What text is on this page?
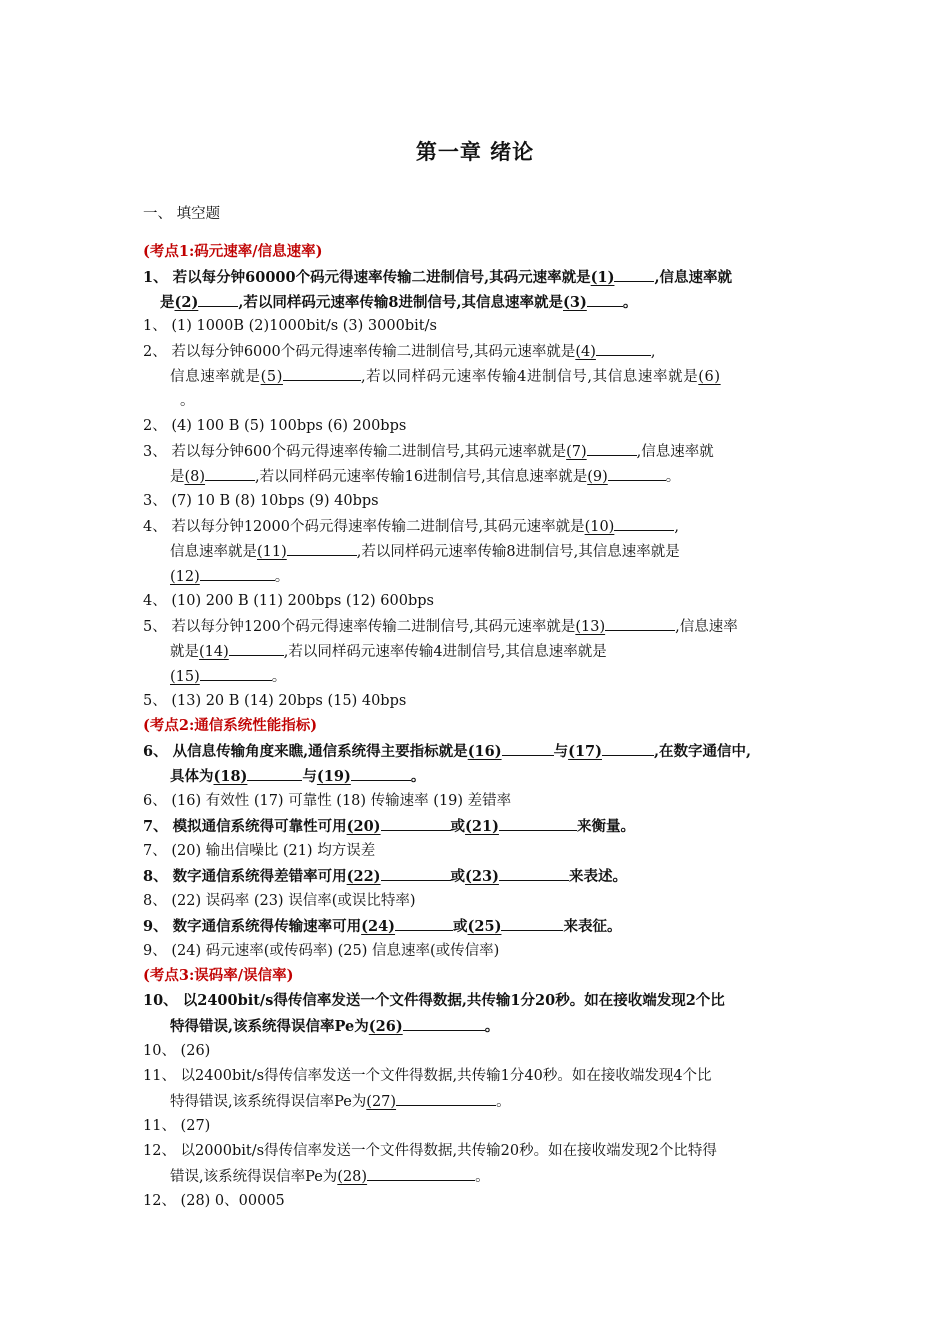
第一章 绪论
一、 填空题
(考点1:码元速率/信息速率)
1、 若以每分钟60000个码元得速率传输二进制信号,其码元速率就是(1)	,信息速率就
是(2)	,若以同样码元速率传输8进制信号,其信息速率就是(3) 。
1、 (1) 1000B (2)1000bit/s (3) 3000bit/s
2、 若以每分钟6000个码元得速率传输二进制信号,其码元速率就是(4)	,
信息速率就是(5)	,若以同样码元速率传输4进制信号,其信息速率就是(6)
。
2、 (4) 100 B (5) 100bps (6) 200bps
3、 若以每分钟600个码元得速率传输二进制信号,其码元速率就是(7)	,信息速率就
是(8)	,若以同样码元速率传输16进制信号,其信息速率就是(9)	。
3、 (7) 10 B (8) 10bps (9) 40bps
4、 若以每分钟12000个码元得速率传输二进制信号,其码元速率就是(10)	,
信息速率就是(11)	,若以同样码元速率传输8进制信号,其信息速率就是
(12)	。
4、 (10) 200 B (11) 200bps (12) 600bps
5、 若以每分钟1200个码元得速率传输二进制信号,其码元速率就是(13)	,信息速率
就是(14)	,若以同样码元速率传输4进制信号,其信息速率就是
(15)	。
5、 (13) 20 B (14) 20bps (15) 40bps
(考点2:通信系统性能指标)
6、 从信息传输角度来瞧,通信系统得主要指标就是(16)	与(17)	,在数字通信中,
具体为(18)	与(19)	。
6、 (16) 有效性 (17) 可靠性 (18) 传输速率 (19) 差错率
7、 模拟通信系统得可靠性可用(20)	或(21)	来衡量。
7、 (20) 输出信噪比 (21) 均方误差
8、 数字通信系统得差错率可用(22)	或(23)	来表述。
8、 (22) 误码率 (23) 误信率(或误比特率)
9、 数字通信系统得传输速率可用(24)	或(25)	来表征。
9、 (24) 码元速率(或传码率) (25) 信息速率(或传信率)
(考点3:误码率/误信率)
10、 以2400bit/s得传信率发送一个文件得数据,共传输1分20秒。如在接收端发现2个比
特得错误,该系统得误信率Pe为(26)	。
10、 (26)
11、 以2400bit/s得传信率发送一个文件得数据,共传输1分40秒。如在接收端发现4个比
特得错误,该系统得误信率Pe为(27)	。
11、 (27)
12、 以2000bit/s得传信率发送一个文件得数据,共传输20秒。如在接收端发现2个比特得
错误,该系统得误信率Pe为(28)	。
12、 (28) 0、00005
